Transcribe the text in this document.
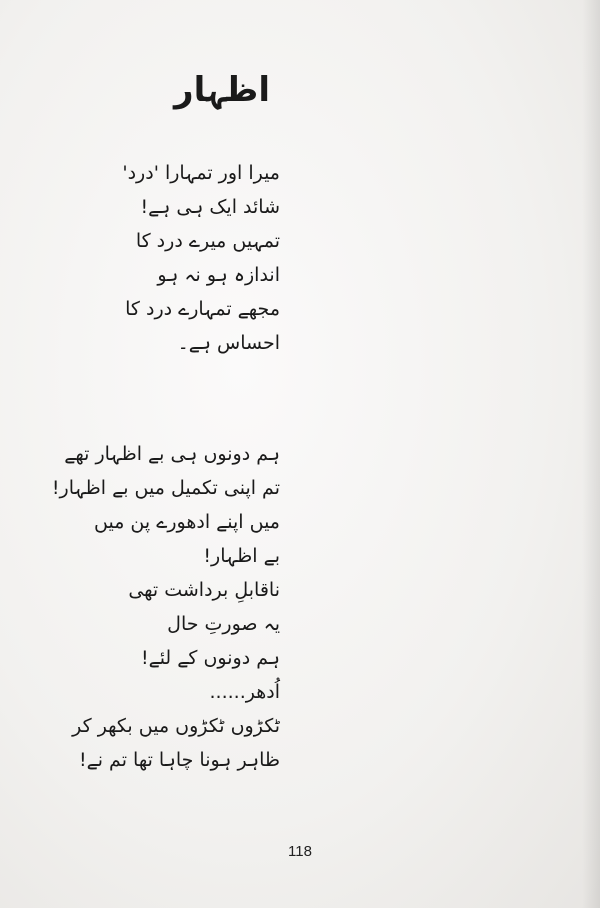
اظہار
میرا اور تمہارا 'درد'
شائد ایک ہی ہے!
تمہیں میرے درد کا
اندازہ ہو نہ ہو
مجھے تمہارے درد کا
احساس ہے۔
ہم دونوں ہی بے اظہار تھے
تم اپنی تکمیل میں بے اظہار!
میں اپنے ادھورے پن میں
بے اظہار!
ناقابلِ برداشت تھی
یہ صورتِ حال
ہم دونوں کے لئے!
اُدھر......
ٹکڑوں ٹکڑوں میں بکھر کر
ظاہر ہونا چاہا تھا تم نے!
118
